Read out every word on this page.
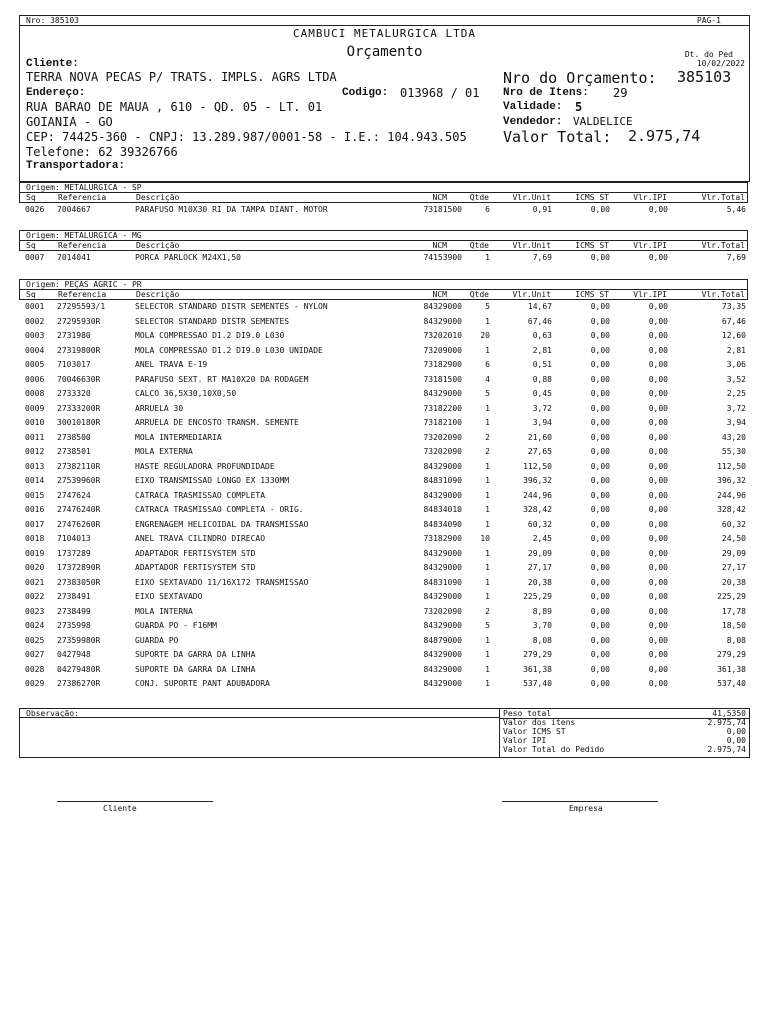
Nro: 385103	PAG-1
CAMBUCI METALURGICA LTDA
Orçamento	Dt. do Ped
10/02/2022
Cliente:
TERRA NOVA PECAS P/ TRATS. IMPLS. AGRS LTDA
Endereço:	Codigo: 013968 / 01
RUA BARAO DE MAUA , 610 - QD. 05 - LT. 01
GOIANIA - GO
CEP: 74425-360 - CNPJ: 13.289.987/0001-58 - I.E.: 104.943.505
Telefone: 62 39326766
Transportadora:
Nro do Orçamento: 385103
Nro de Itens: 29
Validade: 5
Vendedor: VALDELICE
Valor Total: 2.975,74
Origem: METALURGICA - SP
Sq	Referencia	Descrição	NCM	Qtde	Vlr.Unit	ICMS ST	Vlr.IPI	Vlr.Total
0026 7004667	PARAFUSO M10X30 RI DA TAMPA DIANT. MOTOR	73181500	6	0,91	0,00	0,00	5,46
Origem: METALURGICA - MG
Sq	Referencia	Descrição	NCM	Qtde	Vlr.Unit	ICMS ST	Vlr.IPI	Vlr.Total
0007 7014041	PORCA PARLOCK M24X1,50	74153900	1	7,69	0,00	0,00	7,69
Origem: PEÇAS AGRIC - PR
Sq	Referencia	Descrição	NCM	Qtde	Vlr.Unit	ICMS ST	Vlr.IPI	Vlr.Total
0001 27295593/1	SELECTOR STANDARD DISTR SEMENTES - NYLON	84329000	5	14,67	0,00	0,00	73,35
0002 27295930R	SELECTOR STANDARD DISTR SEMENTES	84329000	1	67,46	0,00	0,00	67,46
0003 2731980	MOLA COMPRESSAO D1.2 DI9.0 L030	73202010 20	0,63	0,00	0,00	12,60
0004 27319800R	MOLA COMPRESSAO D1.2 DI9.0 L030 UNIDADE	73209000	1	2,81	0,00	0,00	2,81
0005 7103017	ANEL TRAVA E-19	73182900	6	0,51	0,00	0,00	3,06
0006 70046630R	PARAFUSO SEXT. RT MA10X20 DA RODAGEM	73181500	4	0,88	0,00	0,00	3,52
0008 2733320	CALCO 36,5X30,10X0,50	84329000	5	0,45	0,00	0,00	2,25
0009 27333200R	ARRUELA 30	73182200	1	3,72	0,00	0,00	3,72
0010 30010180R	ARRUELA DE ENCOSTO TRANSM. SEMENTE	73182100	1	3,94	0,00	0,00	3,94
0011 2738500	MOLA INTERMEDIARIA	73202090	2	21,60	0,00	0,00	43,20
0012 2738501	MOLA EXTERNA	73202090	2	27,65	0,00	0,00	55,30
0013 27382110R	HASTE REGULADORA PROFUNDIDADE	84329000	1	112,50	0,00	0,00	112,50
0014 27539960R	EIXO TRANSMISSAO LONGO EX 1330MM	84831090	1	396,32	0,00	0,00	396,32
0015 2747624	CATRACA TRASMISSAO COMPLETA	84329000	1	244,96	0,00	0,00	244,96
0016 27476240R	CATRACA TRASMISSAO COMPLETA - ORIG.	84834010	1	328,42	0,00	0,00	328,42
0017 27476260R	ENGRENAGEM HELICOIDAL DA TRANSMISSAO	84834090	1	60,32	0,00	0,00	60,32
0018 7104013	ANEL TRAVA CILINDRO DIRECAO	73182900 10	2,45	0,00	0,00	24,50
0019 1737289	ADAPTADOR FERTISYSTEM STD	84329000	1	29,09	0,00	0,00	29,09
0020 17372890R	ADAPTADOR FERTISYSTEM STD	84329000	1	27,17	0,00	0,00	27,17
0021 27383050R	EIXO SEXTAVADO 11/16X172 TRANSMISSAO	84831090	1	20,38	0,00	0,00	20,38
0022 2738491	EIXO SEXTAVADO	84329000	1	225,29	0,00	0,00	225,29
0023 2738499	MOLA INTERNA	73202090	2	8,89	0,00	0,00	17,78
0024 2735998	GUARDA PO - F16MM	84329000	5	3,70	0,00	0,00	18,50
0025 27359980R	GUARDA PO	84879000	1	8,08	0,00	0,00	8,08
0027 0427948	SUPORTE DA GARRA DA LINHA	84329000	1	279,29	0,00	0,00	279,29
0028 04279480R	SUPORTE DA GARRA DA LINHA	84329000	1	361,38	0,00	0,00	361,38
0029 27386270R	CONJ. SUPORTE PANT ADUBADORA	84329000	1	537,40	0,00	0,00	537,40
Observação:	Peso total	41,5350
Valor dos itens	2.975,74
Valor ICMS ST	0,00
Valor IPI	0,00
Valor Total do Pedido	2.975,74
Cliente	Empresa
